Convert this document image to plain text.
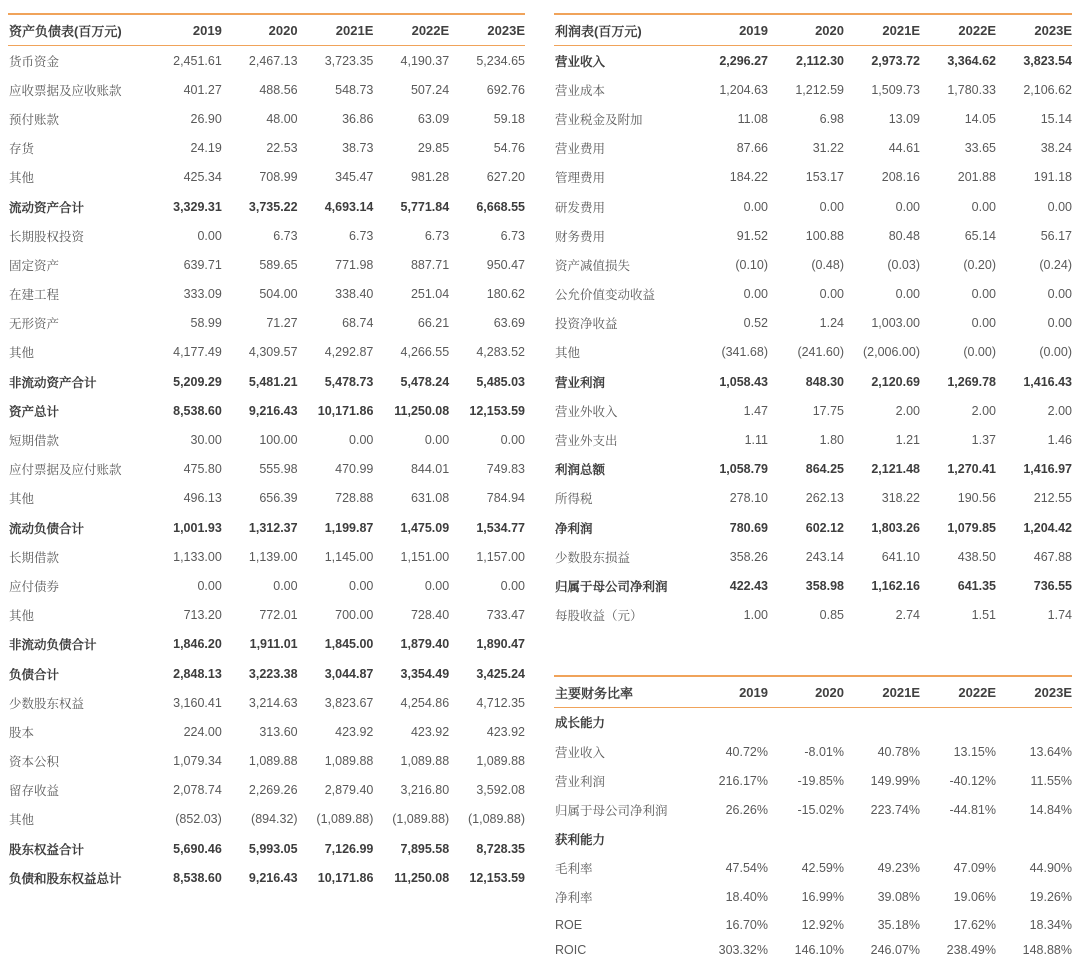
资产负债表(百万元)	2019	2020	2021E	2022E	2023E
货币资金	2,451.61	2,467.13	3,723.35	4,190.37	5,234.65
应收票据及应收账款	401.27	488.56	548.73	507.24	692.76
预付账款	26.90	48.00	36.86	63.09	59.18
存货	24.19	22.53	38.73	29.85	54.76
其他	425.34	708.99	345.47	981.28	627.20
流动资产合计	3,329.31	3,735.22	4,693.14	5,771.84	6,668.55
长期股权投资	0.00	6.73	6.73	6.73	6.73
固定资产	639.71	589.65	771.98	887.71	950.47
在建工程	333.09	504.00	338.40	251.04	180.62
无形资产	58.99	71.27	68.74	66.21	63.69
其他	4,177.49	4,309.57	4,292.87	4,266.55	4,283.52
非流动资产合计	5,209.29	5,481.21	5,478.73	5,478.24	5,485.03
资产总计	8,538.60	9,216.43	10,171.86	11,250.08	12,153.59
短期借款	30.00	100.00	0.00	0.00	0.00
应付票据及应付账款	475.80	555.98	470.99	844.01	749.83
其他	496.13	656.39	728.88	631.08	784.94
流动负债合计	1,001.93	1,312.37	1,199.87	1,475.09	1,534.77
长期借款	1,133.00	1,139.00	1,145.00	1,151.00	1,157.00
应付债券	0.00	0.00	0.00	0.00	0.00
其他	713.20	772.01	700.00	728.40	733.47
非流动负债合计	1,846.20	1,911.01	1,845.00	1,879.40	1,890.47
负债合计	2,848.13	3,223.38	3,044.87	3,354.49	3,425.24
少数股东权益	3,160.41	3,214.63	3,823.67	4,254.86	4,712.35
股本	224.00	313.60	423.92	423.92	423.92
资本公积	1,079.34	1,089.88	1,089.88	1,089.88	1,089.88
留存收益	2,078.74	2,269.26	2,879.40	3,216.80	3,592.08
其他	(852.03)	(894.32)	(1,089.88)	(1,089.88)	(1,089.88)
股东权益合计	5,690.46	5,993.05	7,126.99	7,895.58	8,728.35
负债和股东权益总计	8,538.60	9,216.43	10,171.86	11,250.08	12,153.59
利润表(百万元)	2019	2020	2021E	2022E	2023E
营业收入	2,296.27	2,112.30	2,973.72	3,364.62	3,823.54
营业成本	1,204.63	1,212.59	1,509.73	1,780.33	2,106.62
营业税金及附加	11.08	6.98	13.09	14.05	15.14
营业费用	87.66	31.22	44.61	33.65	38.24
管理费用	184.22	153.17	208.16	201.88	191.18
研发费用	0.00	0.00	0.00	0.00	0.00
财务费用	91.52	100.88	80.48	65.14	56.17
资产减值损失	(0.10)	(0.48)	(0.03)	(0.20)	(0.24)
公允价值变动收益	0.00	0.00	0.00	0.00	0.00
投资净收益	0.52	1.24	1,003.00	0.00	0.00
其他	(341.68)	(241.60)	(2,006.00)	(0.00)	(0.00)
营业利润	1,058.43	848.30	2,120.69	1,269.78	1,416.43
营业外收入	1.47	17.75	2.00	2.00	2.00
营业外支出	1.11	1.80	1.21	1.37	1.46
利润总额	1,058.79	864.25	2,121.48	1,270.41	1,416.97
所得税	278.10	262.13	318.22	190.56	212.55
净利润	780.69	602.12	1,803.26	1,079.85	1,204.42
少数股东损益	358.26	243.14	641.10	438.50	467.88
归属于母公司净利润	422.43	358.98	1,162.16	641.35	736.55
每股收益（元）	1.00	0.85	2.74	1.51	1.74
主要财务比率	2019	2020	2021E	2022E	2023E
成长能力					
营业收入	40.72%	-8.01%	40.78%	13.15%	13.64%
营业利润	216.17%	-19.85%	149.99%	-40.12%	11.55%
归属于母公司净利润	26.26%	-15.02%	223.74%	-44.81%	14.84%
获利能力					
毛利率	47.54%	42.59%	49.23%	47.09%	44.90%
净利率	18.40%	16.99%	39.08%	19.06%	19.26%
ROE	16.70%	12.92%	35.18%	17.62%	18.34%
ROIC	303.32%	146.10%	246.07%	238.49%	148.88%
